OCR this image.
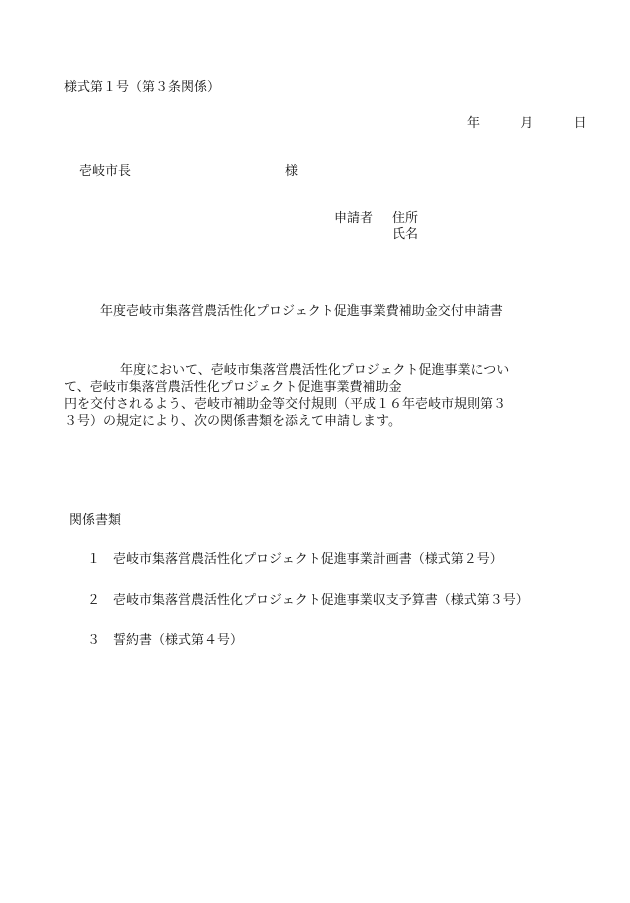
様式第１号（第３条関係）
年	月	日
壱岐市長	様
申請者 住所
氏名
年度壱岐市集落営農活性化プロジェクト促進事業費補助金交付申請書
年度において、壱岐市集落営農活性化プロジェクト促進事業につい
て、壱岐市集落営農活性化プロジェクト促進事業費補助金
円を交付されるよう、壱岐市補助金等交付規則（平成１６年壱岐市規則第３
３号）の規定により、次の関係書類を添えて申請します。
関係書類
１ 壱岐市集落営農活性化プロジェクト促進事業計画書（様式第２号）
２ 壱岐市集落営農活性化プロジェクト促進事業収支予算書（様式第３号）
３ 誓約書（様式第４号）
